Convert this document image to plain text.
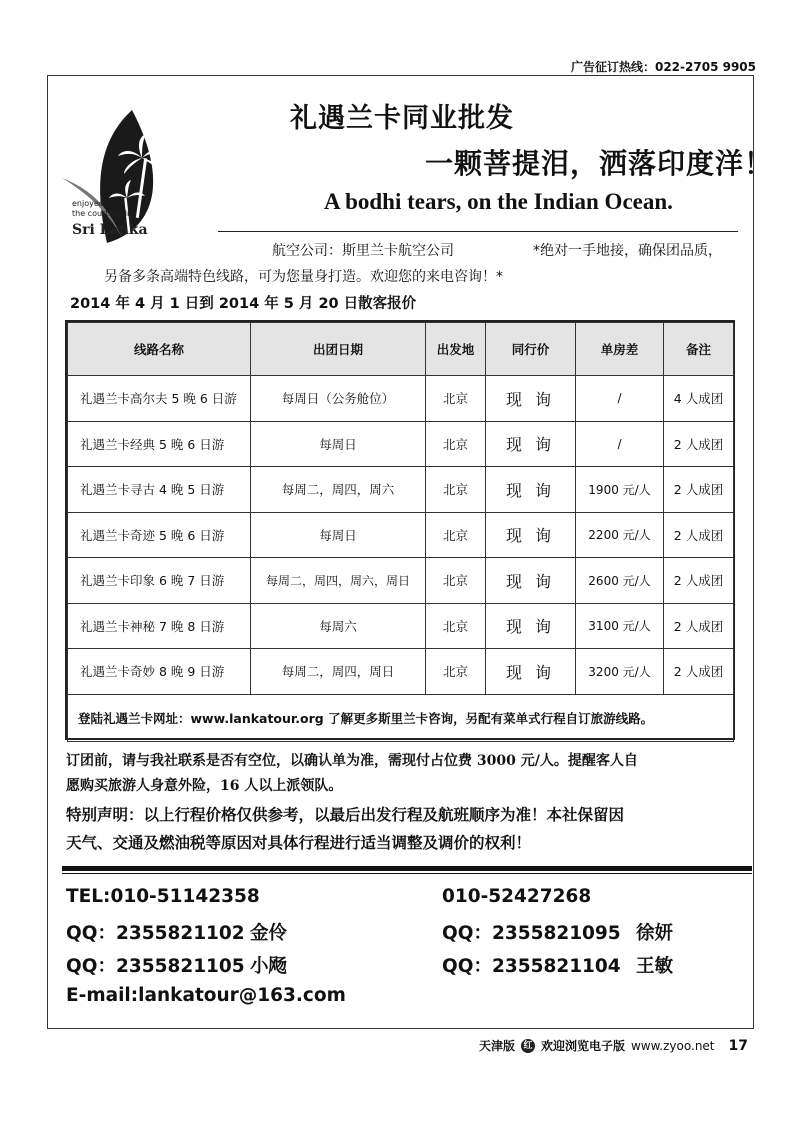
广告征订热线：022-2705 9905
enjoyed
the courtesy in
Sri Lanka
礼遇兰卡同业批发
一颗菩提泪，洒落印度洋！
A bodhi tears, on the Indian Ocean.
航空公司：斯里兰卡航空公司	*绝对一手地接，确保团品质，
另备多条高端特色线路，可为您量身打造。欢迎您的来电咨询！*
2014 年 4 月 1 日到 2014 年 5 月 20 日散客报价
线路名称	出团日期	出发地	同行价	单房差	备注
礼遇兰卡高尔夫 5 晚 6 日游	每周日（公务舱位）	北京	现 询	/	4 人成团
礼遇兰卡经典 5 晚 6 日游	每周日	北京	现 询	/	2 人成团
礼遇兰卡寻古 4 晚 5 日游	每周二，周四，周六	北京	现 询	1900 元/人	2 人成团
礼遇兰卡奇迹 5 晚 6 日游	每周日	北京	现 询	2200 元/人	2 人成团
礼遇兰卡印象 6 晚 7 日游	每周二，周四，周六，周日	北京	现 询	2600 元/人	2 人成团
礼遇兰卡神秘 7 晚 8 日游	每周六	北京	现 询	3100 元/人	2 人成团
礼遇兰卡奇妙 8 晚 9 日游	每周二，周四，周日	北京	现 询	3200 元/人	2 人成团
登陆礼遇兰卡网址：www.lankatour.org 了解更多斯里兰卡咨询，另配有菜单式行程自订旅游线路。					
订团前，请与我社联系是否有空位，以确认单为准，需现付占位费 3000 元/人。提醒客人自
愿购买旅游人身意外险，16 人以上派领队。
特别声明：以上行程价格仅供参考，以最后出发行程及航班顺序为准！本社保留因
天气、交通及燃油税等原因对具体行程进行适当调整及调价的权利！
TEL:010-51142358	010-52427268
QQ：2355821102 金伶	QQ：2355821095 徐妍
QQ：2355821105 小飏	QQ：2355821104 王敏
E-mail:lankatour@163.com
天津版 红 欢迎浏览电子版 www.zyoo.net 17
